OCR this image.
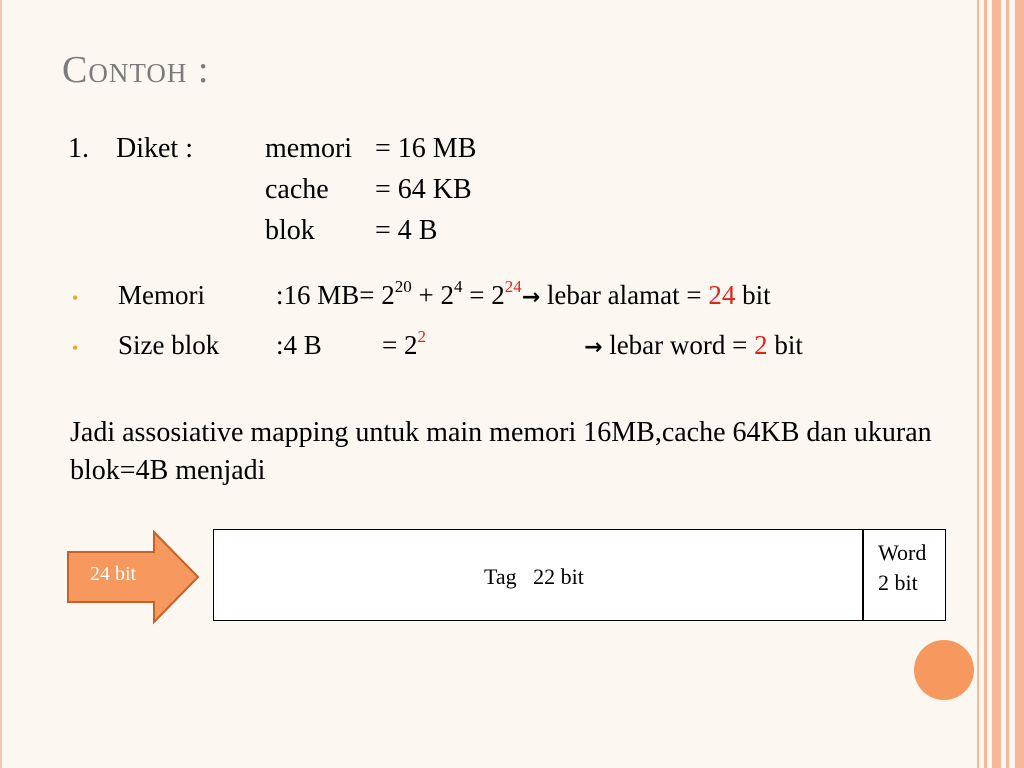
Contoh :
1. Diket :	memori = 16 MB
cache = 64 KB
blok = 4 B
• Memori	:16 $MB= 2^{20} + 2^4 = 2^{24}\to$ lebar alamat = 24 bit
• Size blok :4 $B = 2^2$	→ lebar word = 2 bit
Jadi assosiative mapping untuk main memori 16MB,cache 64KB dan ukuran blok=4B menjadi
24 bit	Tag   22 bit
Word
2 bit
